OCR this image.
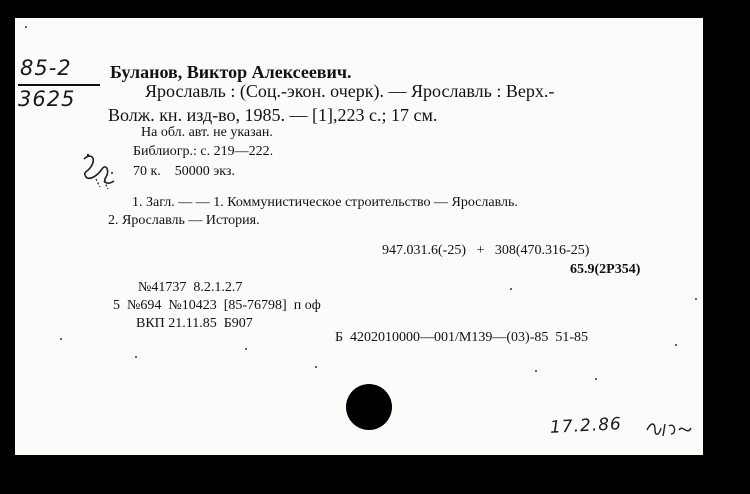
85-2
3625
Буланов, Виктор Алексеевич.
Ярославль : (Соц.-экон. очерк). — Ярославль : Верх.-
Волж. кн. изд-во, 1985. — [1],223 с.; 17 см.
На обл. авт. не указан.
Библиогр.: с. 219—222.
70 к.    50000 экз.
1. Загл. — — 1. Коммунистическое строительство — Ярославль.
2. Ярославль — История.
947.031.6(-25)   +   308(470.316-25)
65.9(2Р354)
№41737  8.2.1.2.7
5  №694  №10423  [85-76798]  п оф
ВКП 21.11.85  Б907
Б  4202010000—001/М139—(03)-85  51-85
17.2.86
